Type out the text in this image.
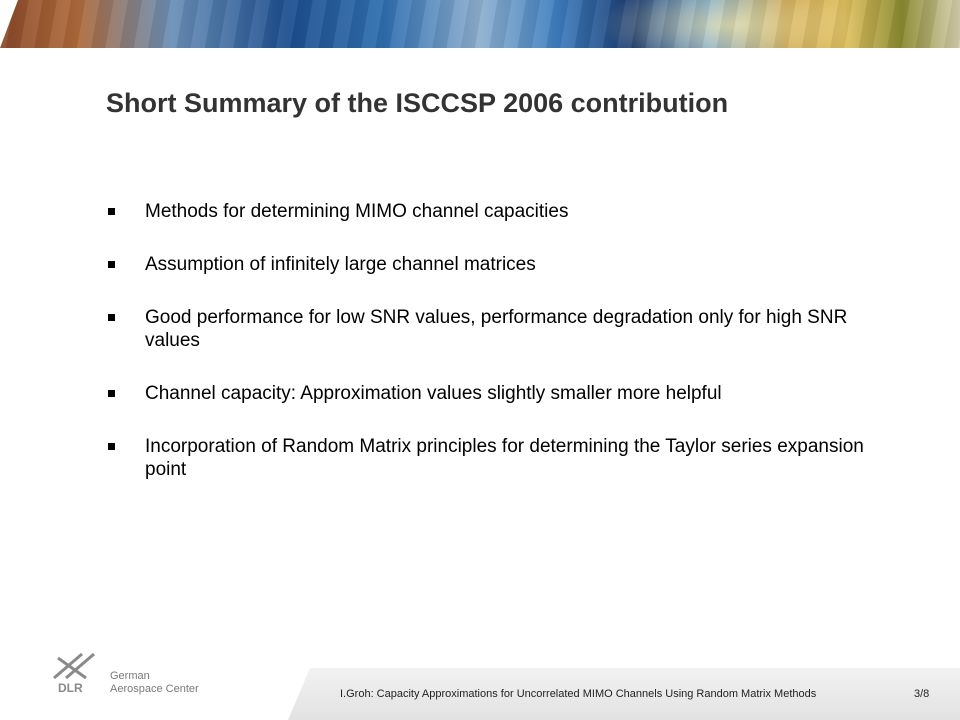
Short Summary of the ISCCSP 2006 contribution
Methods for determining MIMO channel capacities
Assumption of infinitely large channel matrices
Good performance for low SNR values, performance degradation only for high SNR values
Channel capacity: Approximation values slightly smaller more helpful
Incorporation of Random Matrix principles for determining the Taylor series expansion point
DLR
German
Aerospace Center	I.Groh: Capacity Approximations for Uncorrelated MIMO Channels Using Random Matrix Methods	3/8
